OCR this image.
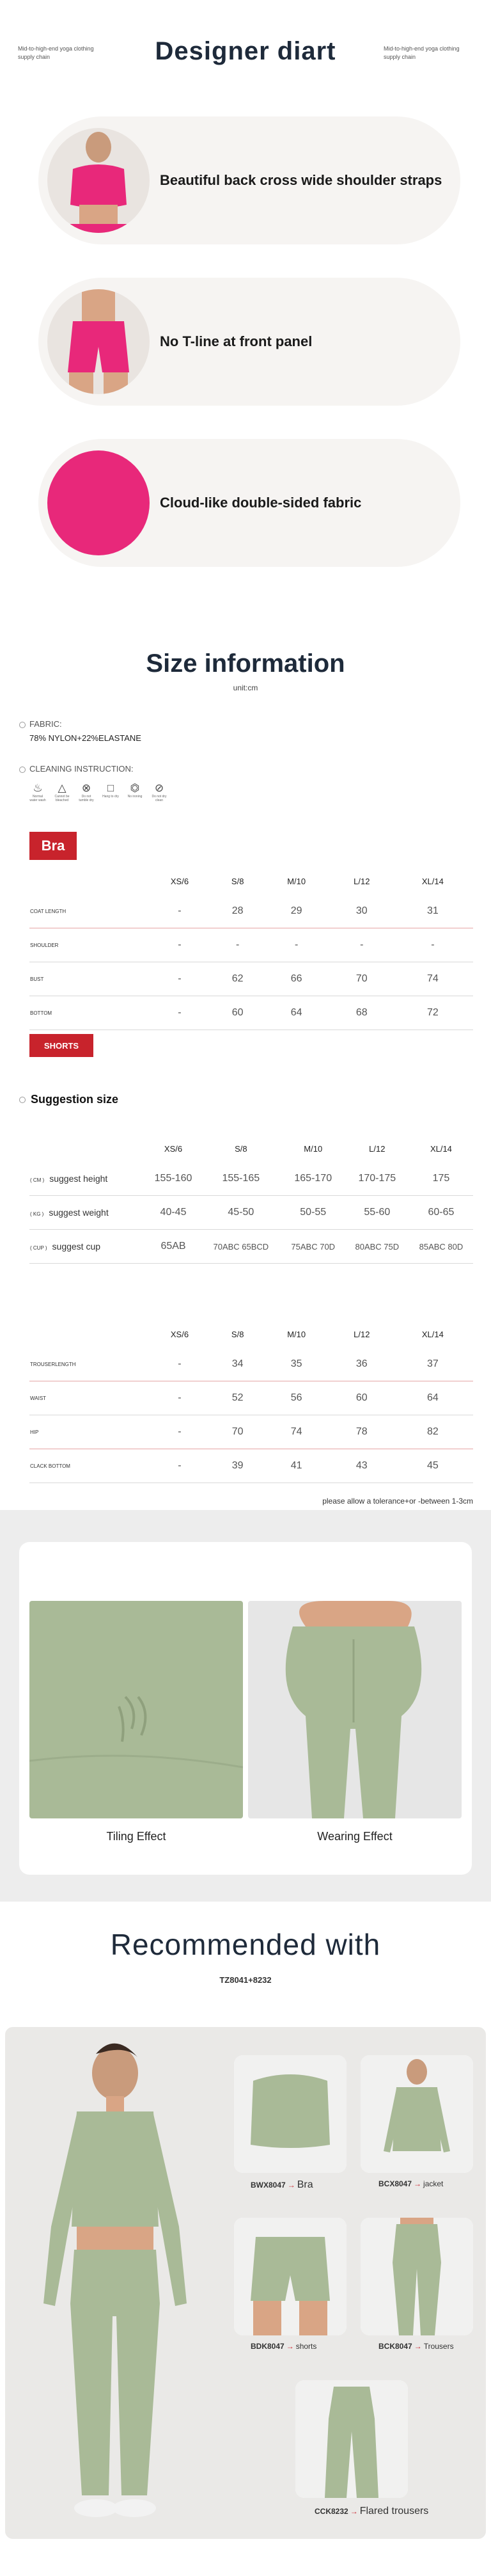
Mid-to-high-end yoga clothing supply chain	Designer diart	Mid-to-high-end yoga clothing supply chain
Beautiful back cross wide shoulder straps
No T-line at front panel
Cloud-like double-sided fabric
Size information
unit:cm
FABRIC:
78% NYLON+22%ELASTANE
CLEANING INSTRUCTION:
♨
Normal water wash
△
Cannot be bleached
⊗
Do not tumble dry
□
Hang to dry
⏣
No ironing
⊘
Do not dry clean
Bra
	XS/6	S/8	M/10	L/12	XL/14
COAT LENGTH	-	28	29	30	31
SHOULDER	-	-	-	-	-
BUST	-	62	66	70	74
BOTTOM	-	60	64	68	72
SHORTS
Suggestion size
	XS/6	S/8	M/10	L/12	XL/14
( CM ) suggest height	155-160	155-165	165-170	170-175	175
( KG ) suggest weight	40-45	45-50	50-55	55-60	60-65
( CUP ) suggest cup	65AB	70ABC 65BCD	75ABC 70D	80ABC 75D	85ABC 80D
	XS/6	S/8	M/10	L/12	XL/14
TROUSERLENGTH	-	34	35	36	37
WAIST	-	52	56	60	64
HIP	-	70	74	78	82
CLACK BOTTOM	-	39	41	43	45
please allow a tolerance+or -between 1-3cm
Tiling Effect	Wearing Effect
Recommended with
TZ8041+8232
BWX8047 → Bra	BCX8047 → jacket
BDK8047 → shorts	BCK8047 → Trousers
CCK8232 → Flared trousers
